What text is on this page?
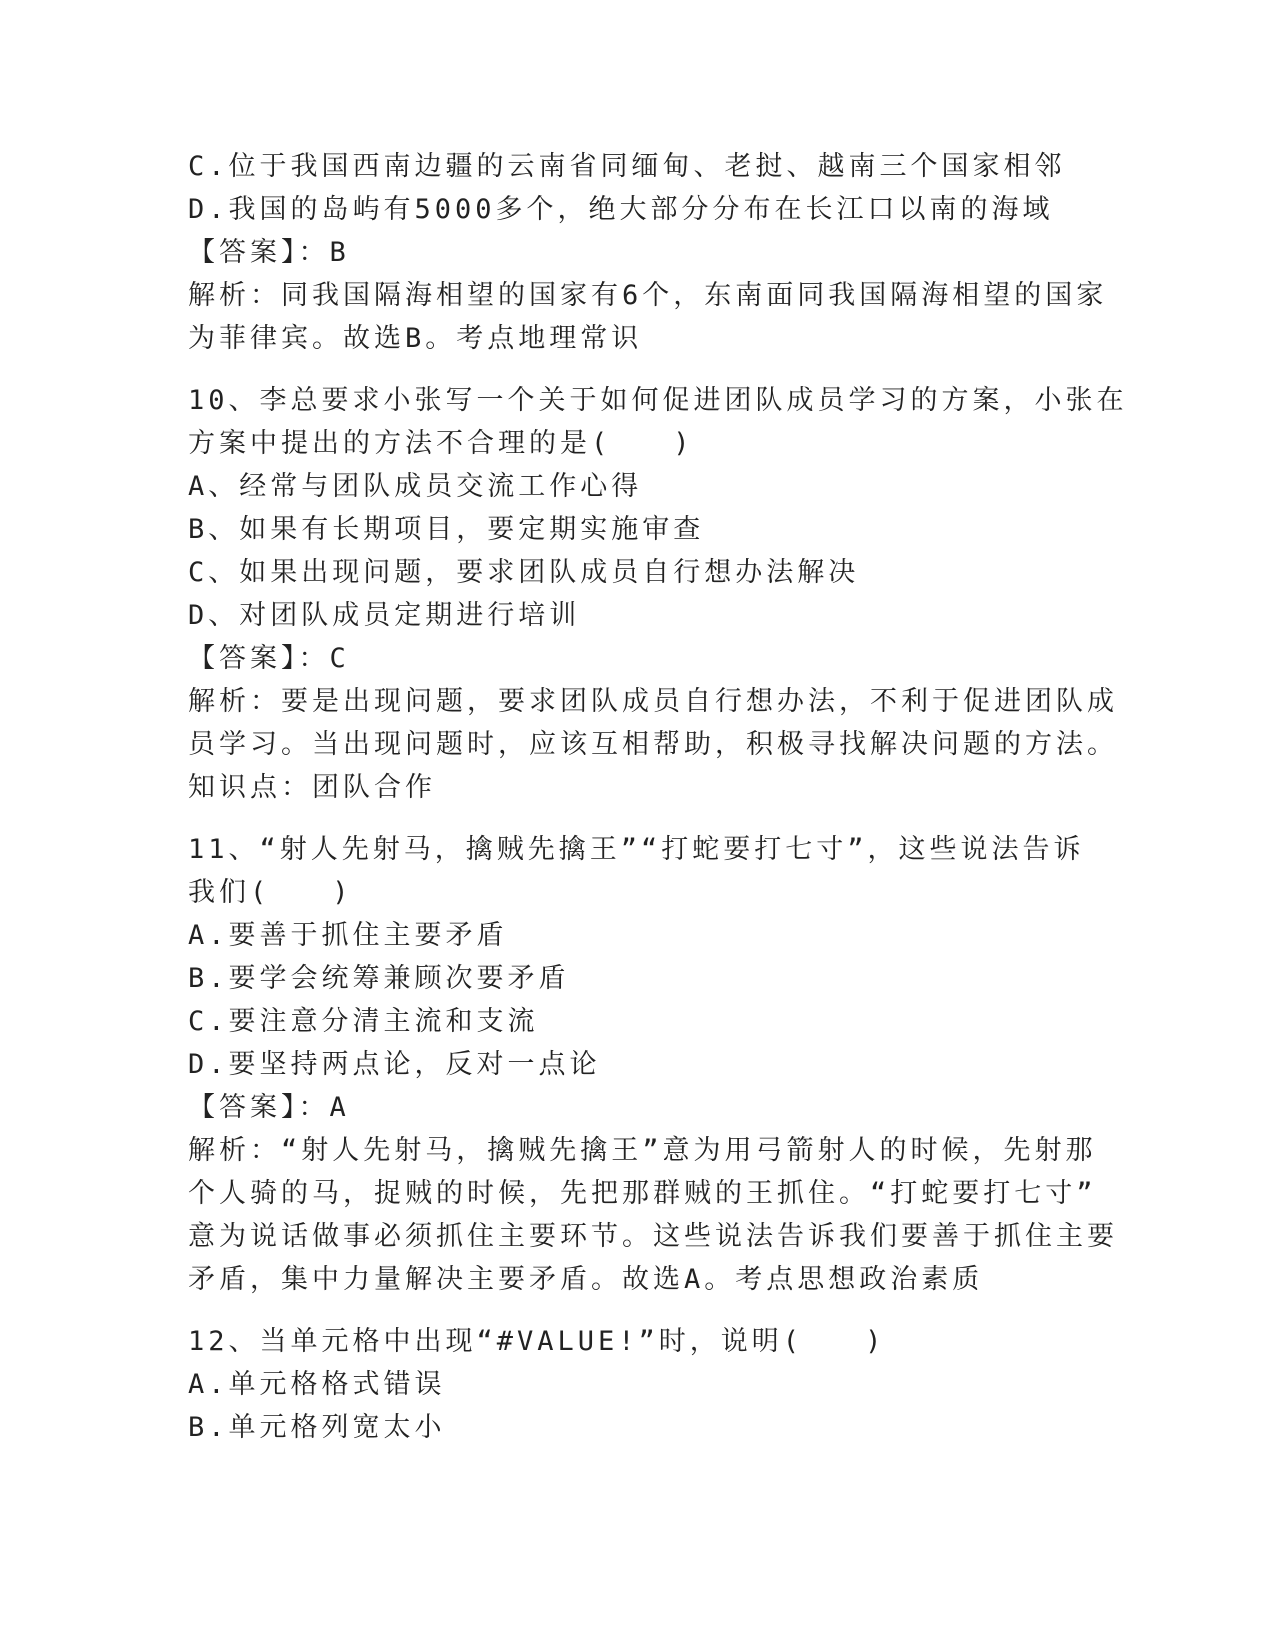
C.位于我国西南边疆的云南省同缅甸、老挝、越南三个国家相邻
D.我国的岛屿有5000多个，绝大部分分布在长江口以南的海域
【答案】：B
解析：同我国隔海相望的国家有6个，东南面同我国隔海相望的国家
为菲律宾。故选B。考点地理常识
10、李总要求小张写一个关于如何促进团队成员学习的方案，小张在
方案中提出的方法不合理的是(　　)
A、经常与团队成员交流工作心得
B、如果有长期项目，要定期实施审查
C、如果出现问题，要求团队成员自行想办法解决
D、对团队成员定期进行培训
【答案】：C
解析：要是出现问题，要求团队成员自行想办法，不利于促进团队成
员学习。当出现问题时，应该互相帮助，积极寻找解决问题的方法。
知识点：团队合作
11、“射人先射马，擒贼先擒王”“打蛇要打七寸”，这些说法告诉
我们(　　)
A.要善于抓住主要矛盾
B.要学会统筹兼顾次要矛盾
C.要注意分清主流和支流
D.要坚持两点论，反对一点论
【答案】：A
解析：“射人先射马，擒贼先擒王”意为用弓箭射人的时候，先射那
个人骑的马，捉贼的时候，先把那群贼的王抓住。“打蛇要打七寸”
意为说话做事必须抓住主要环节。这些说法告诉我们要善于抓住主要
矛盾，集中力量解决主要矛盾。故选A。考点思想政治素质
12、当单元格中出现“#VALUE!”时，说明(　　)
A.单元格格式错误
B.单元格列宽太小
